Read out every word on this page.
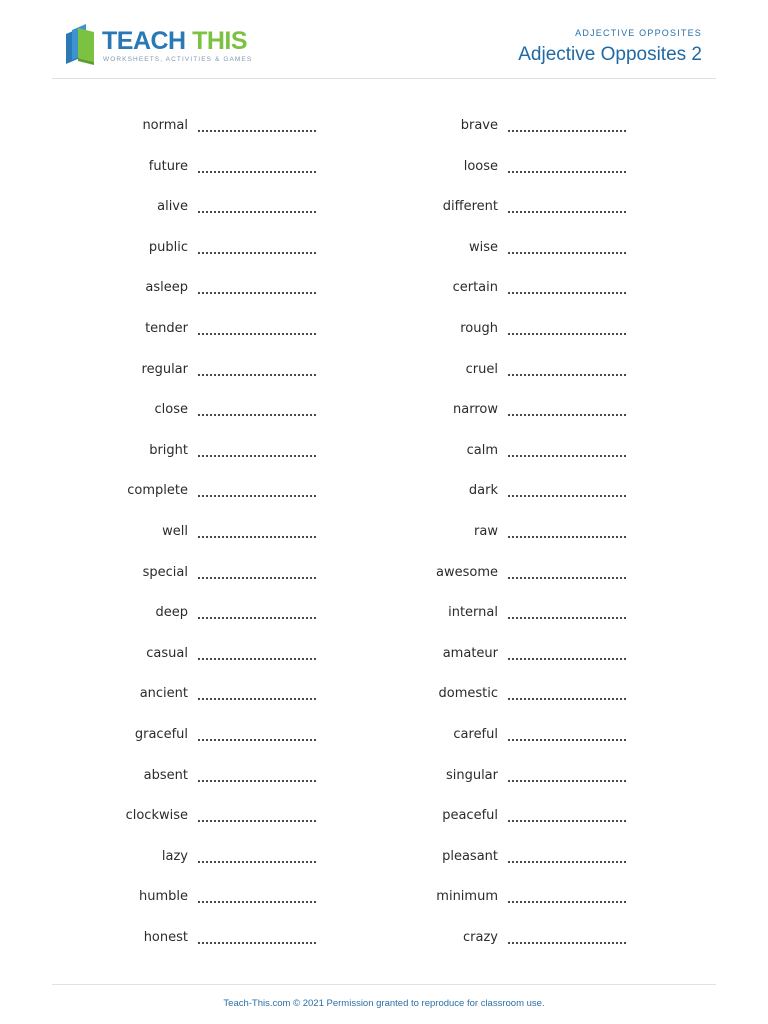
TEACH THIS
WORKSHEETS, ACTIVITIES & GAMES
ADJECTIVE OPPOSITES
Adjective Opposites 2
normal
future
alive
public
asleep
tender
regular
close
bright
complete
well
special
deep
casual
ancient
graceful
absent
clockwise
lazy
humble
honest
brave
loose
different
wise
certain
rough
cruel
narrow
calm
dark
raw
awesome
internal
amateur
domestic
careful
singular
peaceful
pleasant
minimum
crazy
Teach-This.com © 2021 Permission granted to reproduce for classroom use.
